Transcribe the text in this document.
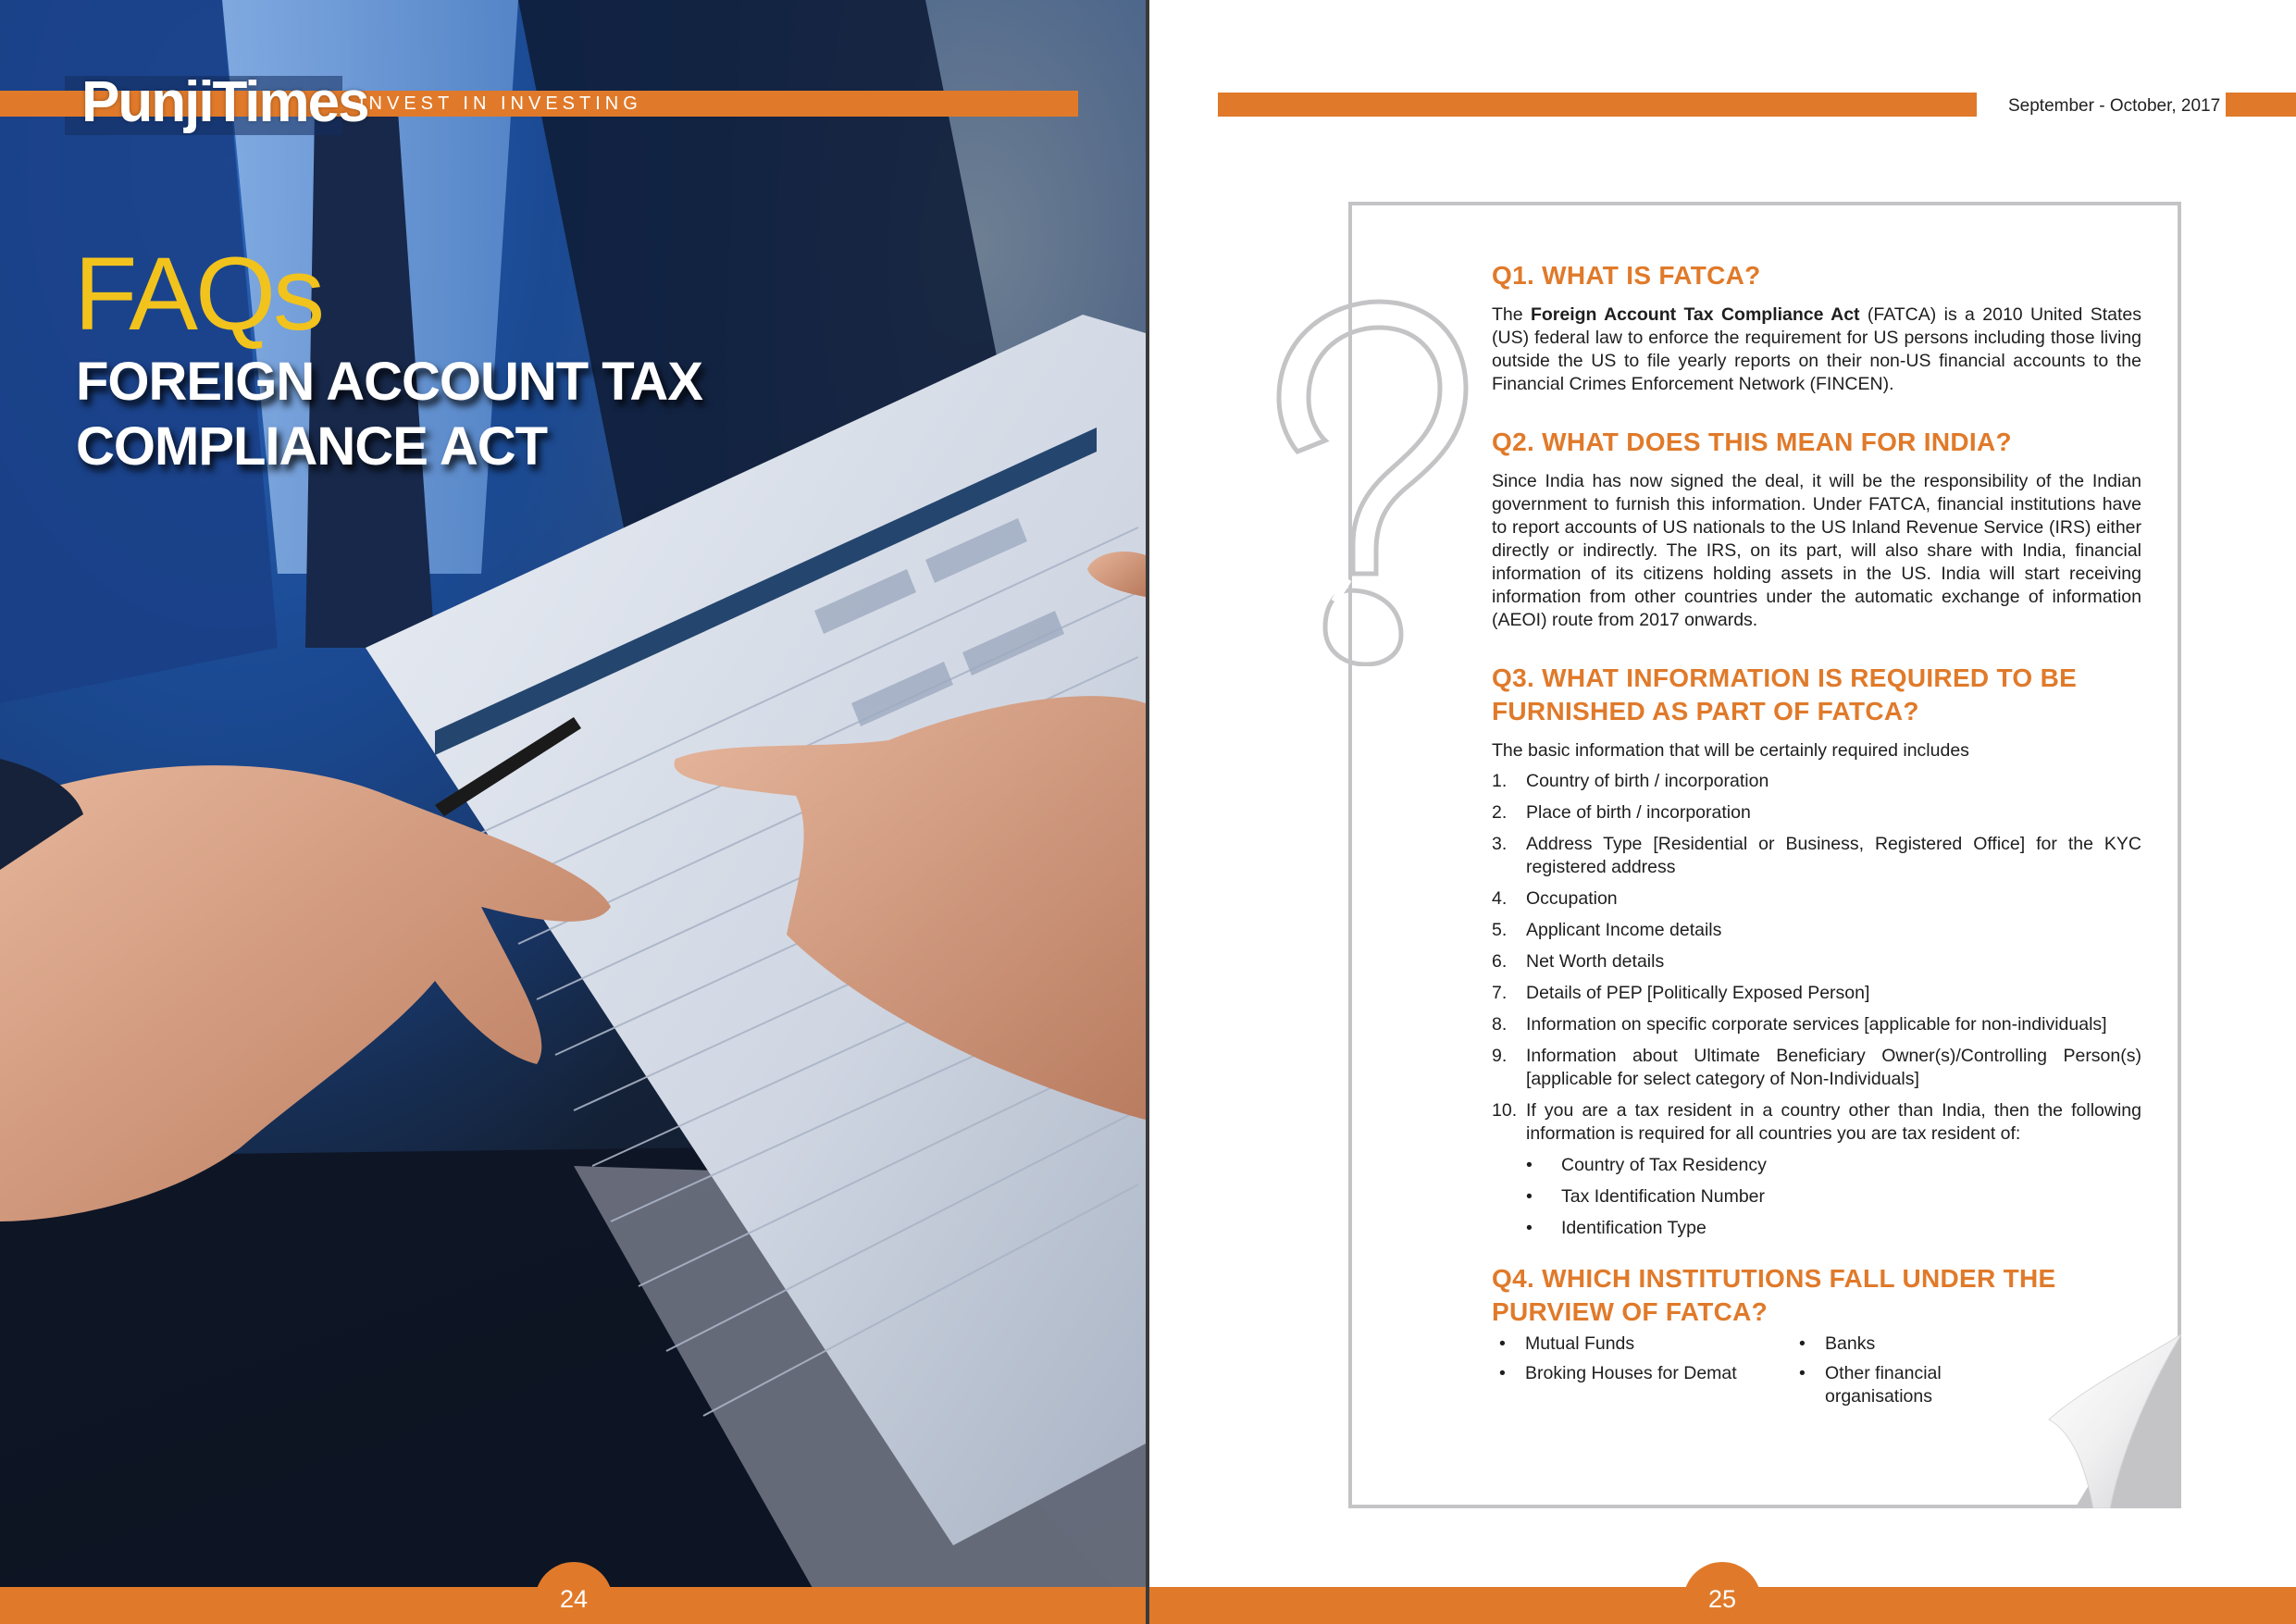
PunjiTimes
INVEST IN INVESTING
FAQs
FOREIGN ACCOUNT TAX
COMPLIANCE ACT
24
September - October, 2017
Q1. WHAT IS FATCA?

The Foreign Account Tax Compliance Act (FATCA) is a 2010 United States (US) federal law to enforce the requirement for US persons including those living outside the US to file yearly reports on their non-US financial accounts to the Financial Crimes Enforcement Network (FINCEN).

Q2. WHAT DOES THIS MEAN FOR INDIA?

Since India has now signed the deal, it will be the responsibility of the Indian government to furnish this information. Under FATCA, financial institutions have to report accounts of US nationals to the US Inland Revenue Service (IRS) either directly or indirectly. The IRS, on its part, will also share with India, financial information of its citizens holding assets in the US. India will start receiving information from other countries under the automatic exchange of information (AEOI) route from 2017 onwards.

Q3. WHAT INFORMATION IS REQUIRED TO BE
FURNISHED AS PART OF FATCA?

The basic information that will be certainly required includes

1.	Country of birth / incorporation
2.	Place of birth / incorporation
3.	Address Type [Residential or Business, Registered Office] for the KYC registered address
4.	Occupation
5.	Applicant Income details
6.	Net Worth details
7.	Details of PEP [Politically Exposed Person]
8.	Information on specific corporate services [applicable for non-individuals]
9.	Information about Ultimate Beneficiary Owner(s)/Controlling Person(s) [applicable for select category of Non-Individuals]
10. If you are a tax resident in a country other than India, then the following information is required for all countries you are tax resident of:
•	Country of Tax Residency
•	Tax Identification Number
•	Identification Type
Q4. WHICH INSTITUTIONS FALL UNDER THE
PURVIEW OF FATCA?
•	Mutual Funds
•	Broking Houses for Demat
•	Banks
•	Other financial organisations
25
